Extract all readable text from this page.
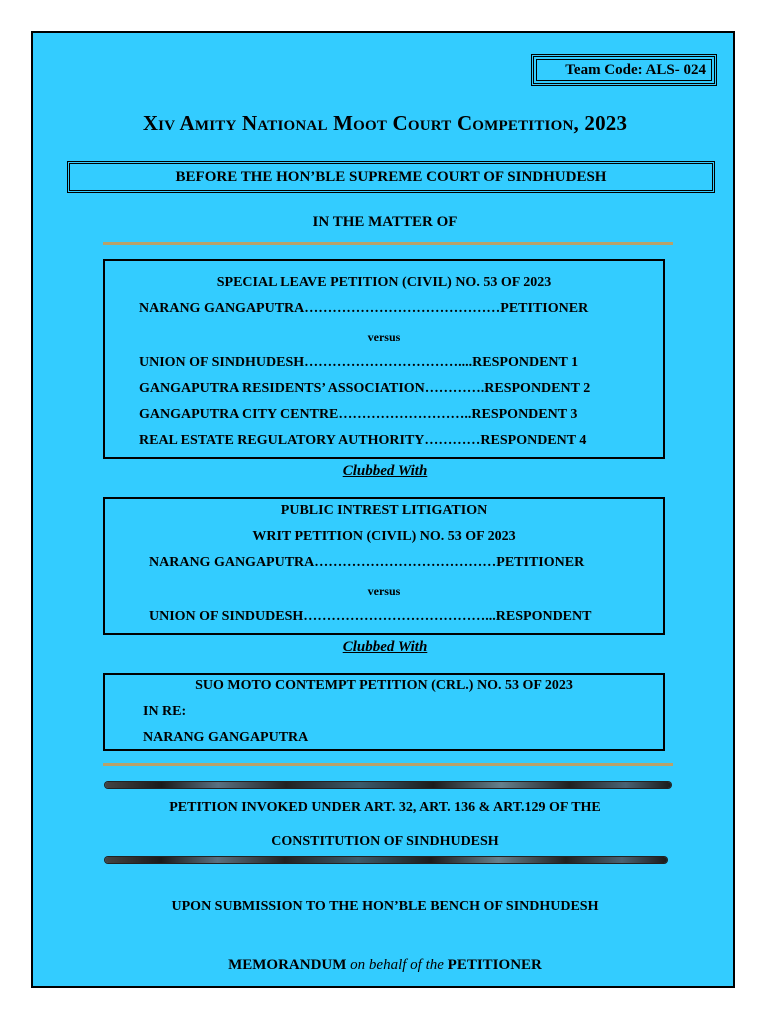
Team Code: ALS- 024
Xiv Amity National Moot Court Competition, 2023
BEFORE THE HON’BLE SUPREME COURT OF SINDHUDESH
IN THE MATTER OF
SPECIAL LEAVE PETITION (CIVIL) NO. 53 OF 2023
NARANG GANGAPUTRA……………………………………PETITIONER
versus
UNION OF SINDHUDESH……………………………....RESPONDENT 1
GANGAPUTRA RESIDENTS’ ASSOCIATION………….RESPONDENT 2
GANGAPUTRA CITY CENTRE………………………..RESPONDENT 3
REAL ESTATE REGULATORY AUTHORITY…………RESPONDENT 4
Clubbed With
PUBLIC INTREST LITIGATION
WRIT PETITION (CIVIL) NO. 53 OF 2023
NARANG GANGAPUTRA…………………………………PETITIONER
versus
UNION OF SINDUDESH…………………………………...RESPONDENT
Clubbed With
SUO MOTO CONTEMPT PETITION (CRL.) NO. 53 OF 2023
IN RE:
NARANG GANGAPUTRA
PETITION INVOKED UNDER ART. 32, ART. 136 & ART.129 OF THE
CONSTITUTION OF SINDHUDESH
UPON SUBMISSION TO THE HON’BLE BENCH OF SINDHUDESH
MEMORANDUM on behalf of the PETITIONER
